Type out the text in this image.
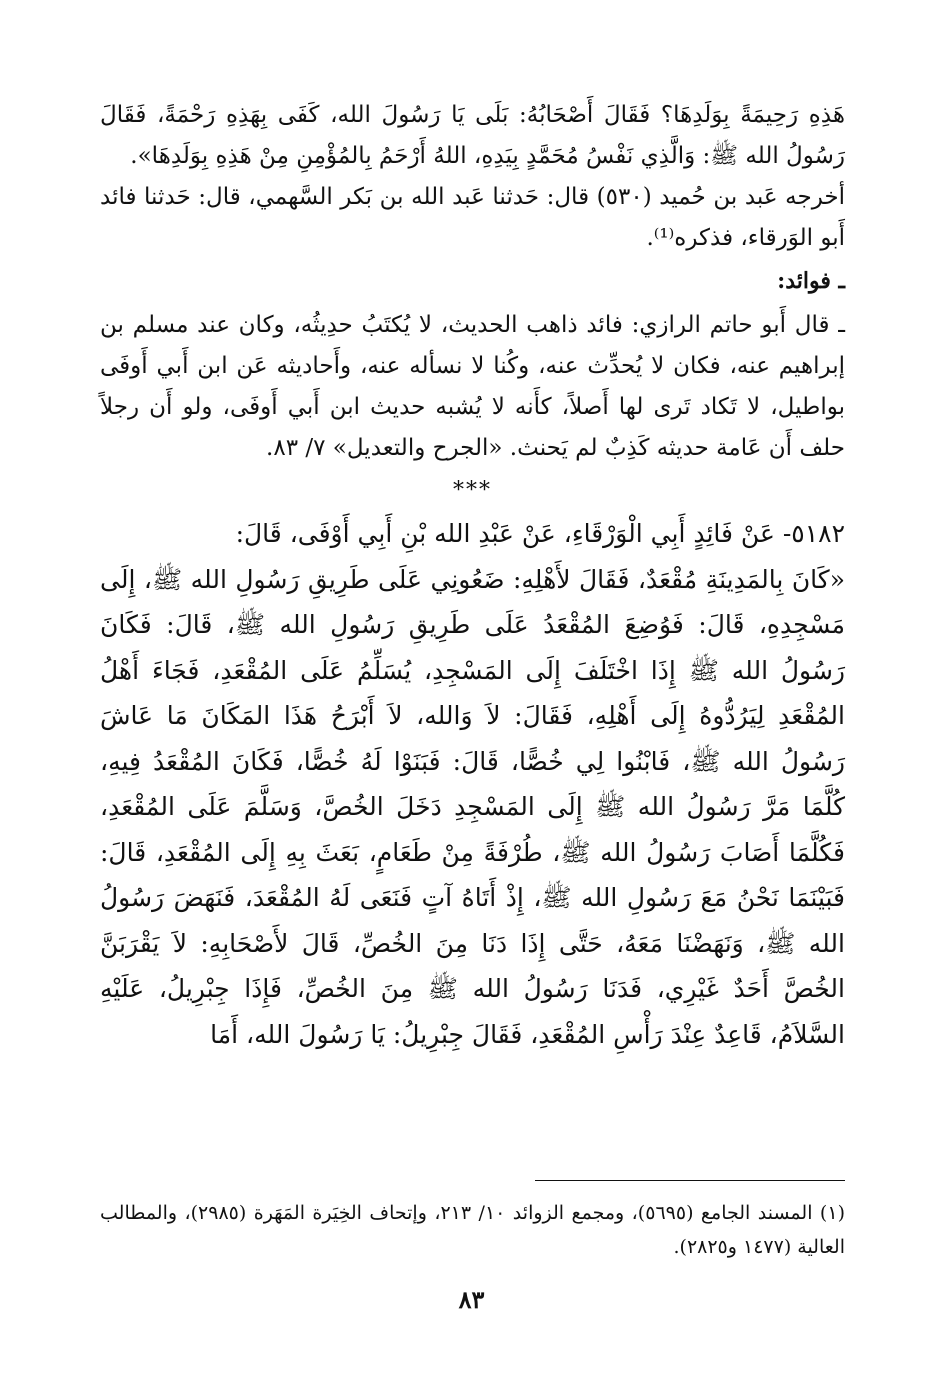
هَذِهِ رَحِيمَةً بِوَلَدِهَا؟ فَقَالَ أَصْحَابُهُ: بَلَى يَا رَسُولَ الله، كَفَى بِهَذِهِ رَحْمَةً، فَقَالَ رَسُولُ الله ﷺ: وَالَّذِي نَفْسُ مُحَمَّدٍ بِيَدِهِ، اللهُ أَرْحَمُ بِالمُؤْمِنِ مِنْ هَذِهِ بِوَلَدِهَا».

أخرجه عَبد بن حُميد (٥٣٠) قال: حَدثنا عَبد الله بن بَكر السَّهمي، قال: حَدثنا فائد أَبو الوَرقاء، فذكره⁽¹⁾.

ـ فوائد:

ـ قال أَبو حاتم الرازي: فائد ذاهب الحديث، لا يُكتَبُ حدِيثُه، وكان عند مسلم بن إبراهيم عنه، فكان لا يُحدِّث عنه، وكُنا لا نسأله عنه، وأَحاديثه عَن ابن أَبي أَوفَى بواطيل، لا تَكاد تَرى لها أَصلاً، كأَنه لا يُشبه حديث ابن أَبي أَوفَى، ولو أَن رجلاً حلف أَن عَامة حديثه كَذِبٌ لم يَحنث. «الجرح والتعديل» ٧/ ٨٣.

***

٥١٨٢- عَنْ فَائِدٍ أَبِي الْوَرْقَاءِ، عَنْ عَبْدِ الله بْنِ أَبِي أَوْفَى، قَالَ:

«كَانَ بِالمَدِينَةِ مُقْعَدٌ، فَقَالَ لأَهْلِهِ: ضَعُونِي عَلَى طَرِيقِ رَسُولِ الله ﷺ، إِلَى مَسْجِدِهِ، قَالَ: فَوُضِعَ المُقْعَدُ عَلَى طَرِيقِ رَسُولِ الله ﷺ، قَالَ: فَكَانَ رَسُولُ الله ﷺ إِذَا اخْتَلَفَ إِلَى المَسْجِدِ، يُسَلِّمُ عَلَى المُقْعَدِ، فَجَاءَ أَهْلُ المُقْعَدِ لِيَرُدُّوهُ إِلَى أَهْلِهِ، فَقَالَ: لاَ وَالله، لاَ أَبْرَحُ هَذَا المَكَانَ مَا عَاشَ رَسُولُ الله ﷺ، فَابْنُوا لِي خُصًّا، قَالَ: فَبَنَوْا لَهُ خُصًّا، فَكَانَ المُقْعَدُ فِيهِ، كُلَّمَا مَرَّ رَسُولُ الله ﷺ إِلَى المَسْجِدِ دَخَلَ الخُصَّ، وَسَلَّمَ عَلَى المُقْعَدِ، فَكُلَّمَا أَصَابَ رَسُولُ الله ﷺ، طُرْفَةً مِنْ طَعَامٍ، بَعَثَ بِهِ إِلَى المُقْعَدِ، قَالَ: فَبَيْنَمَا نَحْنُ مَعَ رَسُولِ الله ﷺ، إِذْ أَتَاهُ آتٍ فَنَعَى لَهُ المُقْعَدَ، فَنَهَضَ رَسُولُ الله ﷺ، وَنَهَضْنَا مَعَهُ، حَتَّى إِذَا دَنَا مِنَ الخُصِّ، قَالَ لأَصْحَابِهِ: لاَ يَقْرَبَنَّ الخُصَّ أَحَدٌ غَيْرِي، فَدَنَا رَسُولُ الله ﷺ مِنَ الخُصِّ، فَإِذَا جِبْرِيلُ، عَلَيْهِ السَّلاَمُ، قَاعِدٌ عِنْدَ رَأْسِ المُقْعَدِ، فَقَالَ جِبْرِيلُ: يَا رَسُولَ الله، أَمَا

(١) المسند الجامع (٥٦٩٥)، ومجمع الزوائد ١٠/ ٢١٣، وإتحاف الخِيَرة المَهَرة (٢٩٨٥)، والمطالب العالية (١٤٧٧ و٢٨٢٥).

٨٣
